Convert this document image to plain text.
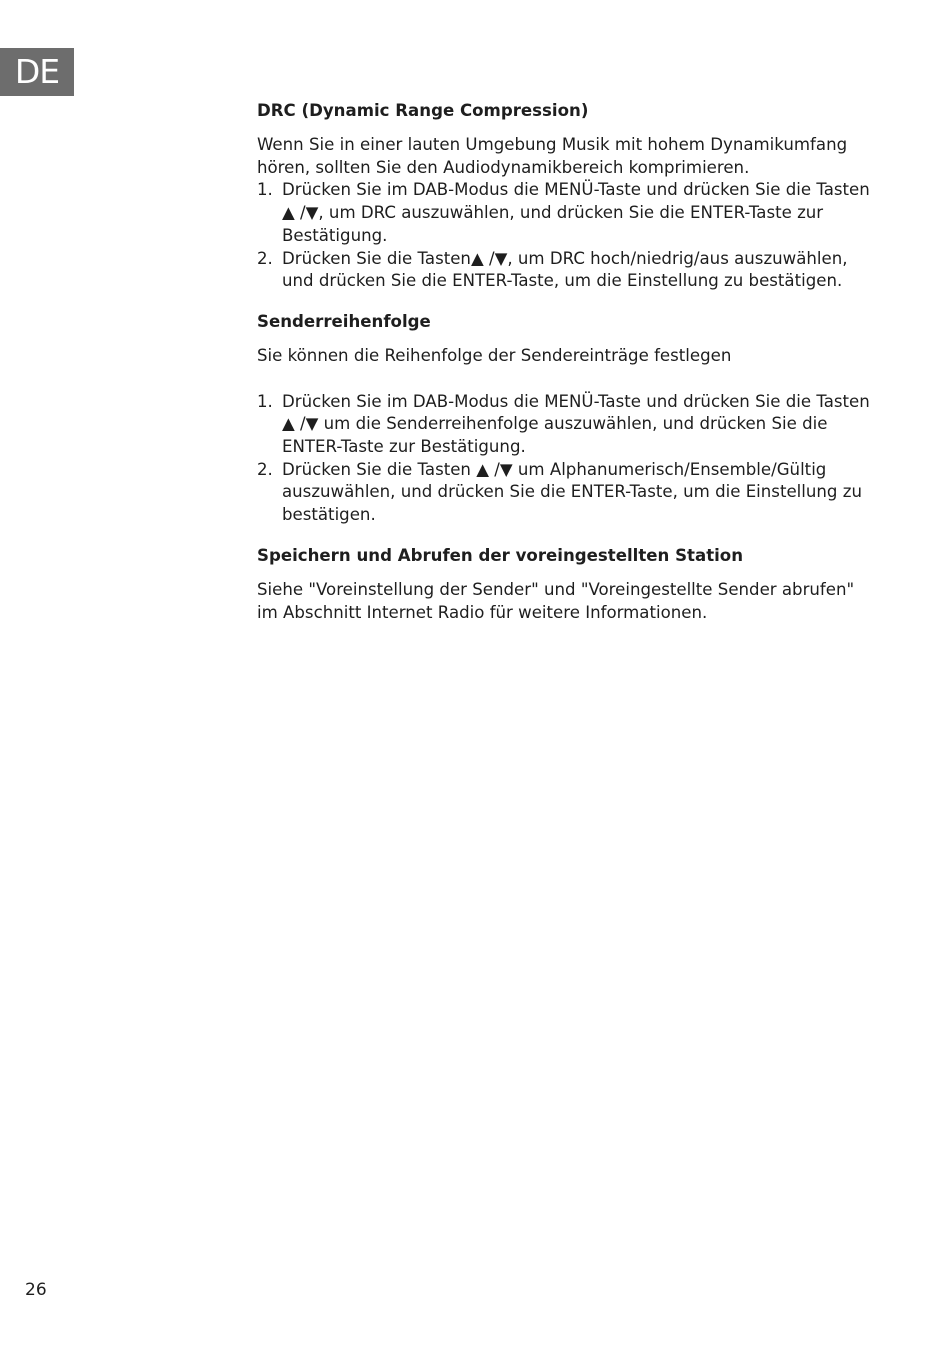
DE
DRC (Dynamic Range Compression)

Wenn Sie in einer lauten Umgebung Musik mit hohem Dynamikumfang hören, sollten Sie den Audiodynamikbereich komprimieren.

1. Drücken Sie im DAB-Modus die MENÜ-Taste und drücken Sie die Tasten ▲ /▼, um DRC auszuwählen, und drücken Sie die ENTER-Taste zur Bestätigung.
2. Drücken Sie die Tasten▲ /▼, um DRC hoch/niedrig/aus auszuwählen, und drücken Sie die ENTER-Taste, um die Einstellung zu bestätigen.
Senderreihenfolge

Sie können die Reihenfolge der Sendereinträge festlegen

1. Drücken Sie im DAB-Modus die MENÜ-Taste und drücken Sie die Tasten ▲ /▼ um die Senderreihenfolge auszuwählen, und drücken Sie die ENTER-Taste zur Bestätigung.
2. Drücken Sie die Tasten ▲ /▼ um Alphanumerisch/Ensemble/Gültig auszuwählen, und drücken Sie die ENTER-Taste, um die Einstellung zu bestätigen.
Speichern und Abrufen der voreingestellten Station

Siehe "Voreinstellung der Sender" und "Voreingestellte Sender abrufen" im Abschnitt Internet Radio für weitere Informationen.

26
